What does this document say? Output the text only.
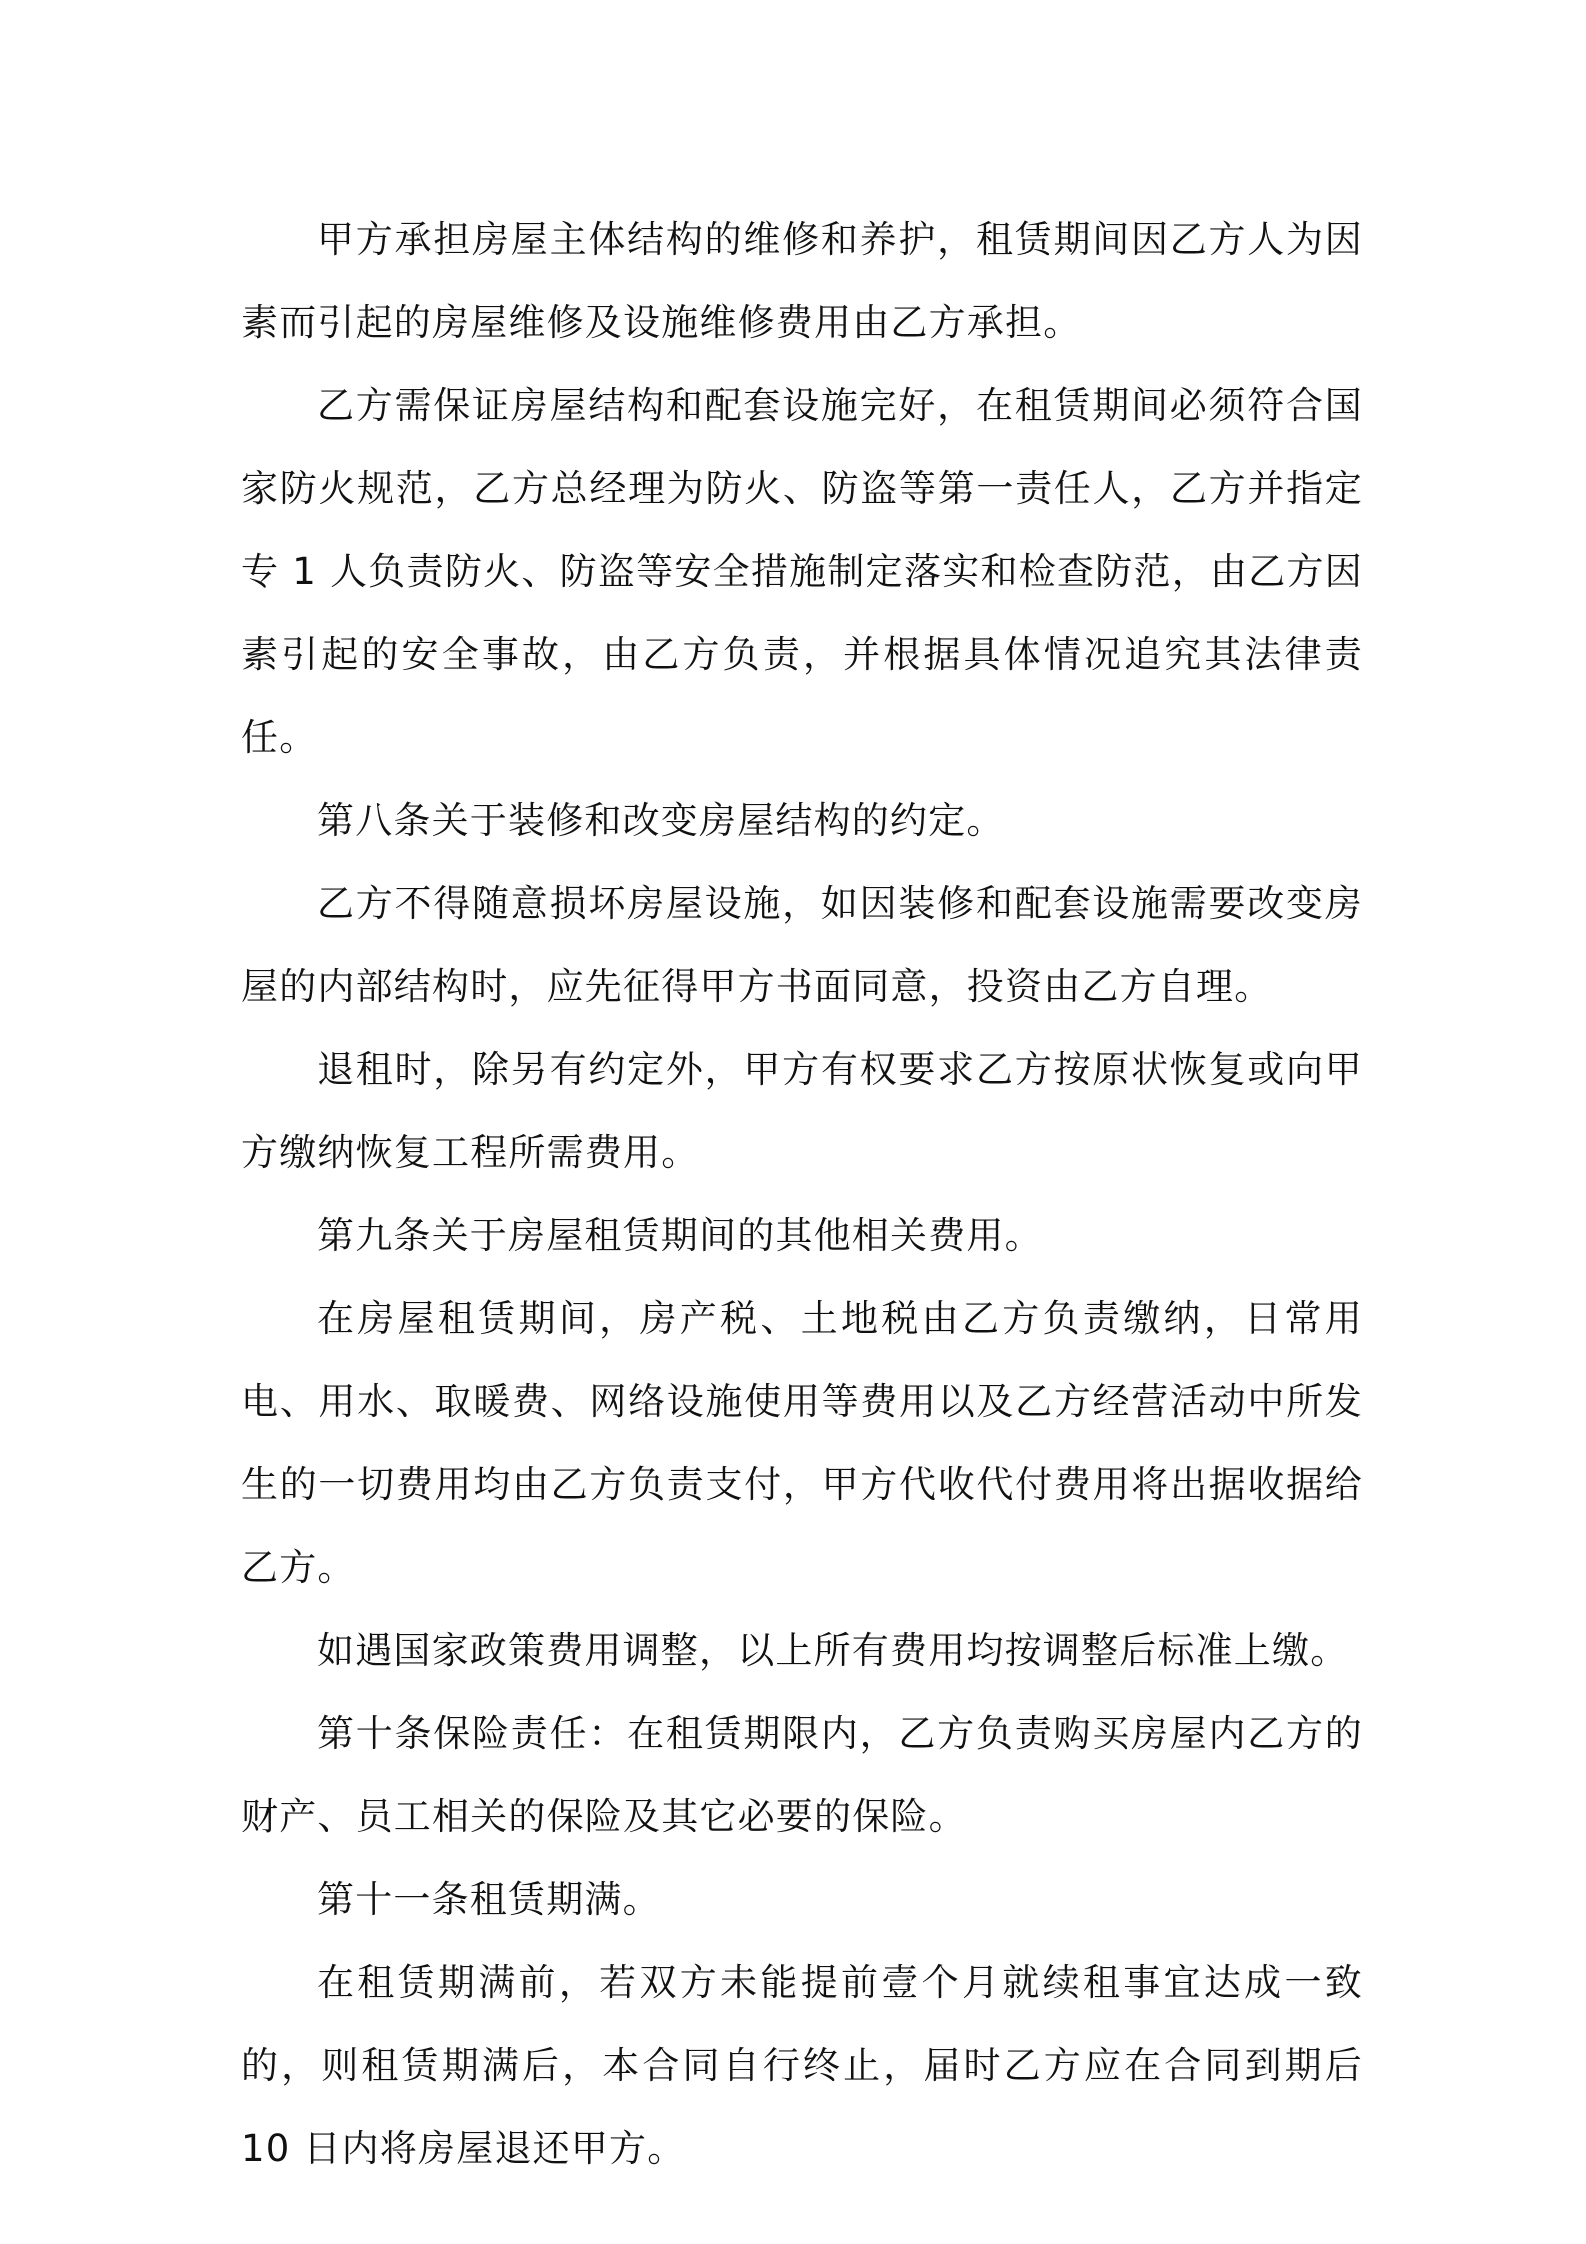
甲方承担房屋主体结构的维修和养护，租赁期间因乙方人为因素而引起的房屋维修及设施维修费用由乙方承担。

乙方需保证房屋结构和配套设施完好，在租赁期间必须符合国家防火规范，乙方总经理为防火、防盗等第一责任人，乙方并指定专 1 人负责防火、防盗等安全措施制定落实和检查防范，由乙方因素引起的安全事故，由乙方负责，并根据具体情况追究其法律责任。

第八条关于装修和改变房屋结构的约定。

乙方不得随意损坏房屋设施，如因装修和配套设施需要改变房屋的内部结构时，应先征得甲方书面同意，投资由乙方自理。

退租时，除另有约定外，甲方有权要求乙方按原状恢复或向甲方缴纳恢复工程所需费用。

第九条关于房屋租赁期间的其他相关费用。

在房屋租赁期间，房产税、土地税由乙方负责缴纳，日常用电、用水、取暖费、网络设施使用等费用以及乙方经营活动中所发生的一切费用均由乙方负责支付，甲方代收代付费用将出据收据给乙方。

如遇国家政策费用调整，以上所有费用均按调整后标准上缴。

第十条保险责任：在租赁期限内，乙方负责购买房屋内乙方的财产、员工相关的保险及其它必要的保险。

第十一条租赁期满。

在租赁期满前，若双方未能提前壹个月就续租事宜达成一致的，则租赁期满后，本合同自行终止，届时乙方应在合同到期后 10 日内将房屋退还甲方。
